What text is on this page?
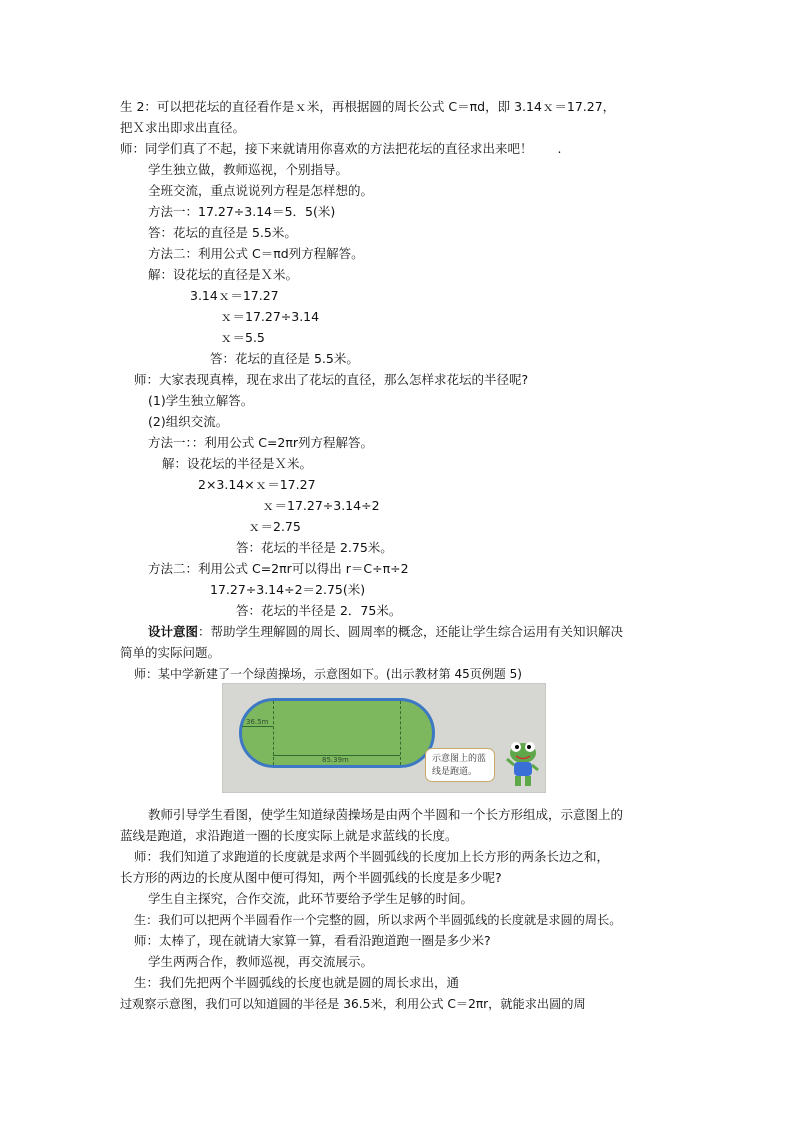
生 2：可以把花坛的直径看作是ｘ米，再根据圆的周长公式 C＝πd，即 3.14ｘ＝17.27，
把Ｘ求出即求出直径。
师：同学们真了不起，接下来就请用你喜欢的方法把花坛的直径求出来吧！　　.
学生独立做，教师巡视，个别指导。
全班交流，重点说说列方程是怎样想的。
方法一：17.27÷3.14＝5．5(米)
答：花坛的直径是 5.5米。
方法二：利用公式 C＝πd列方程解答。
解：设花坛的直径是Ｘ米。
3.14ｘ＝17.27
ｘ＝17.27÷3.14
ｘ＝5.5
答：花坛的直径是 5.5米。
师：大家表现真棒，现在求出了花坛的直径，那么怎样求花坛的半径呢?
(1)学生独立解答。
(2)组织交流。
方法一：：利用公式 C=2πr列方程解答。
解：设花坛的半径是Ｘ米。
2×3.14×ｘ＝17.27
ｘ＝17.27÷3.14÷2
ｘ＝2.75
答：花坛的半径是 2.75米。
方法二：利用公式 C=2πr可以得出 r＝C÷π÷2
17.27÷3.14÷2＝2.75(米)
答：花坛的半径是 2．75米。
设计意图：帮助学生理解圆的周长、圆周率的概念，还能让学生综合运用有关知识解决
简单的实际问题。
师：某中学新建了一个绿茵操场，示意图如下。(出示教材第 45页例题 5)
36.5m
85.39m	示意图上的蓝
线是跑道。
教师引导学生看图，使学生知道绿茵操场是由两个半圆和一个长方形组成，示意图上的
蓝线是跑道，求沿跑道一圈的长度实际上就是求蓝线的长度。
师：我们知道了求跑道的长度就是求两个半圆弧线的长度加上长方形的两条长边之和，
长方形的两边的长度从图中便可得知，两个半圆弧线的长度是多少呢?
学生自主探究，合作交流，此环节要给予学生足够的时间。
生：我们可以把两个半圆看作一个完整的圆，所以求两个半圆弧线的长度就是求圆的周长。
师：太棒了，现在就请大家算一算，看看沿跑道跑一圈是多少米?
学生两两合作，教师巡视，再交流展示。
生：我们先把两个半圆弧线的长度也就是圆的周长求出，通
过观察示意图，我们可以知道圆的半径是 36.5米，利用公式 C＝2πr，就能求出圆的周
